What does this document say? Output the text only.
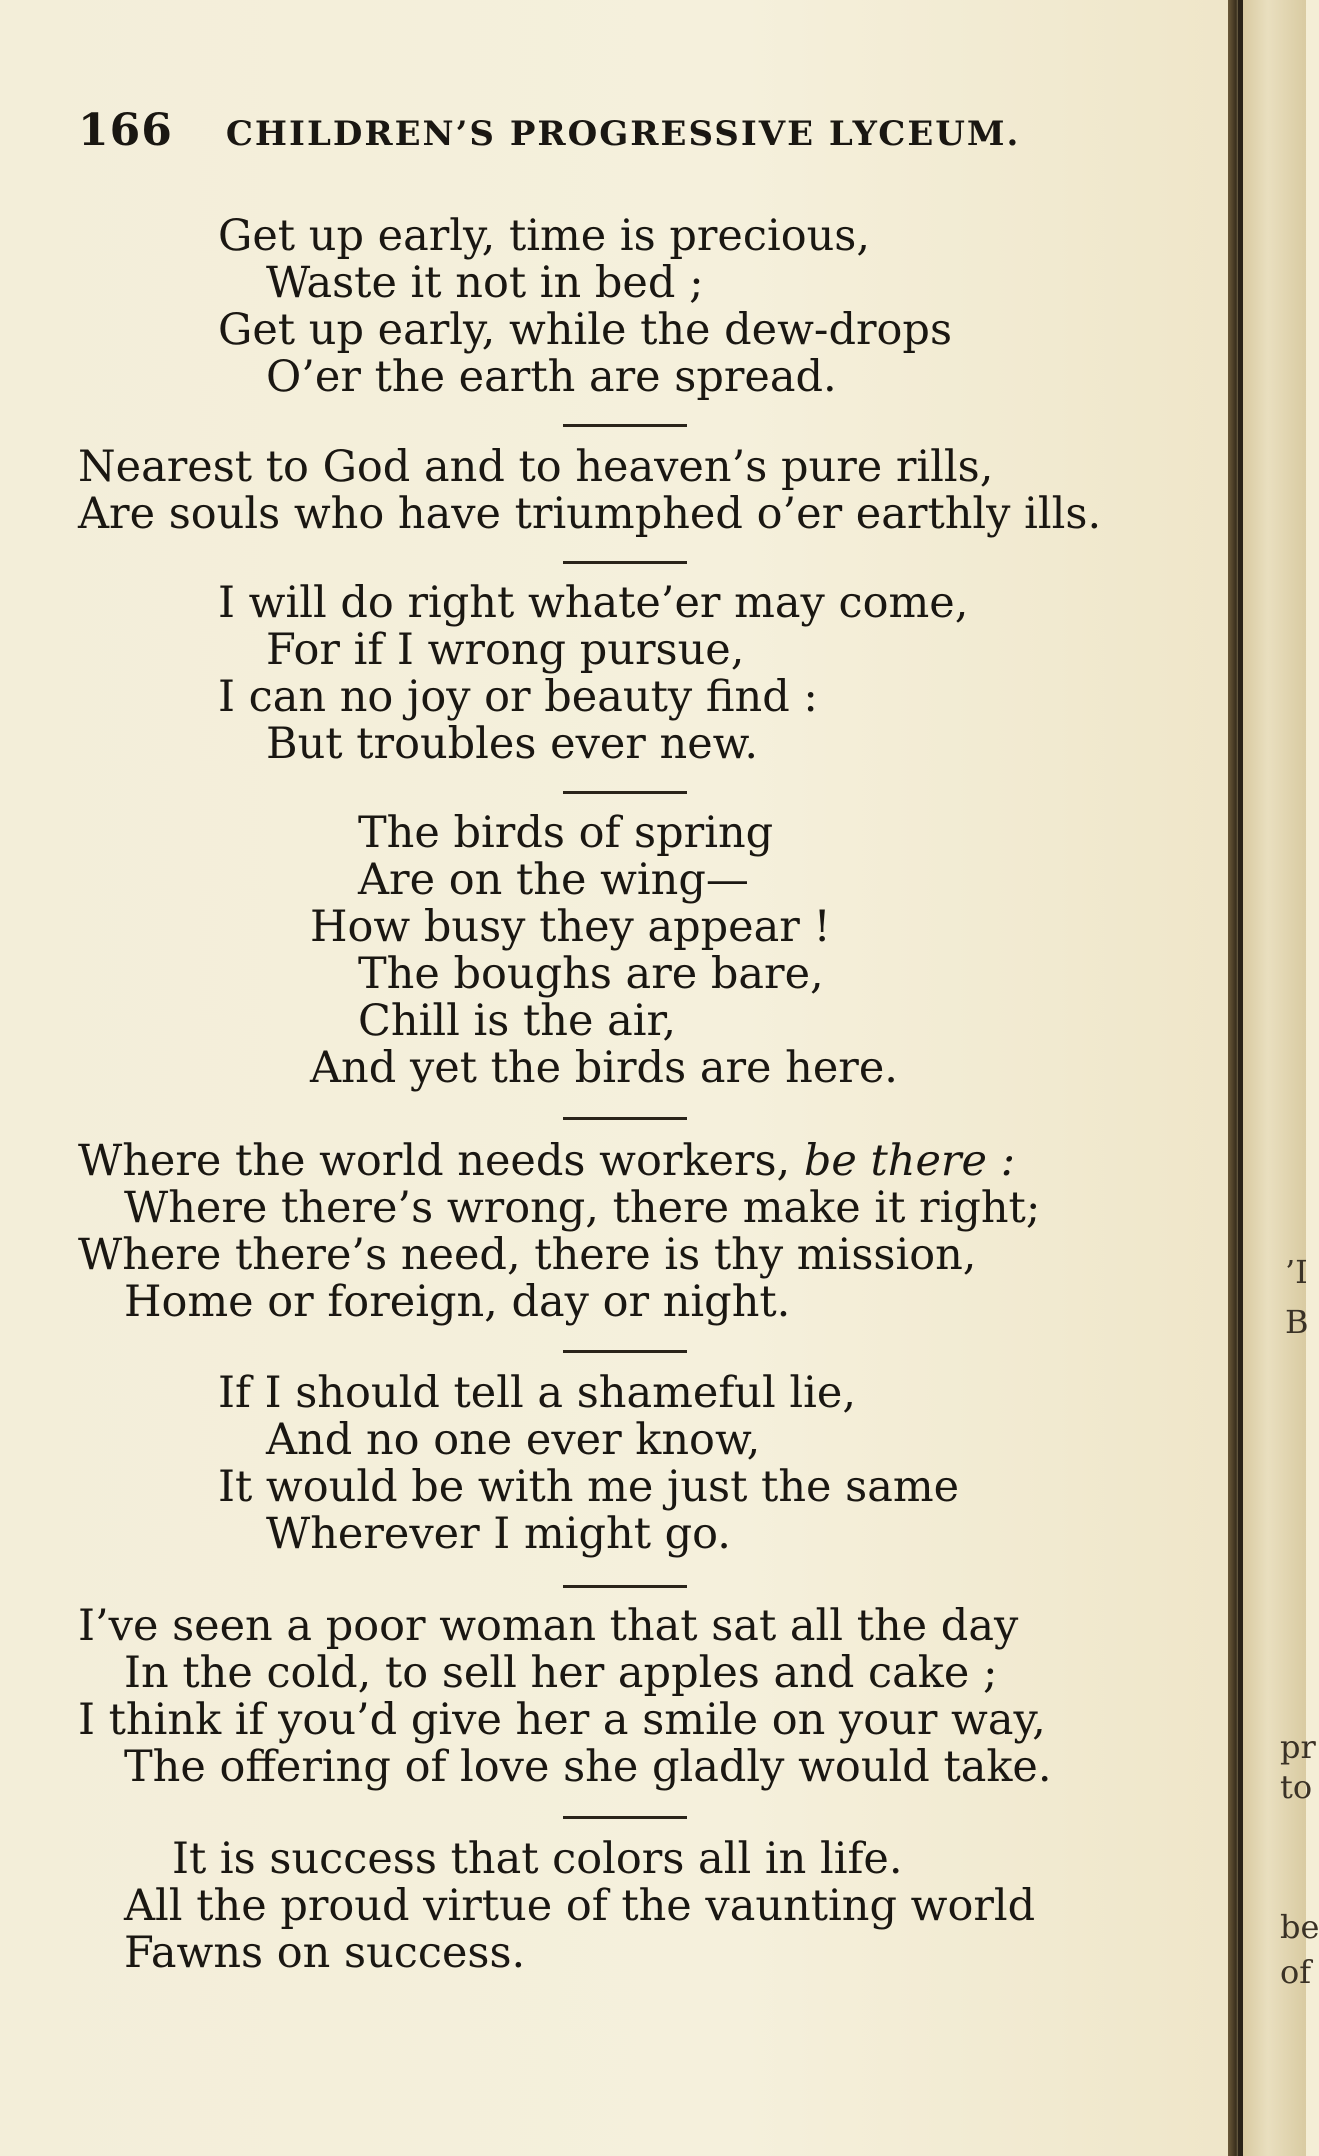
166 CHILDREN’S PROGRESSIVE LYCEUM.
Get up early, time is precious,
Waste it not in bed ;
Get up early, while the dew-drops
O’er the earth are spread.
Nearest to God and to heaven’s pure rills,
Are souls who have triumphed o’er earthly ills.
I will do right whate’er may come,
For if I wrong pursue,
I can no joy or beauty find :
But troubles ever new.
The birds of spring
Are on the wing—
How busy they appear !
The boughs are bare,
Chill is the air,
And yet the birds are here.
Where the world needs workers, be there :
Where there’s wrong, there make it right;
Where there’s need, there is thy mission,
Home or foreign, day or night.
If I should tell a shameful lie,
And no one ever know,
It would be with me just the same
Wherever I might go.
I’ve seen a poor woman that sat all the day
In the cold, to sell her apples and cake ;
I think if you’d give her a smile on your way,
The offering of love she gladly would take.
It is success that colors all in life.
All the proud virtue of the vaunting world
Fawns on success.
’I
B
pr
to
be
of
